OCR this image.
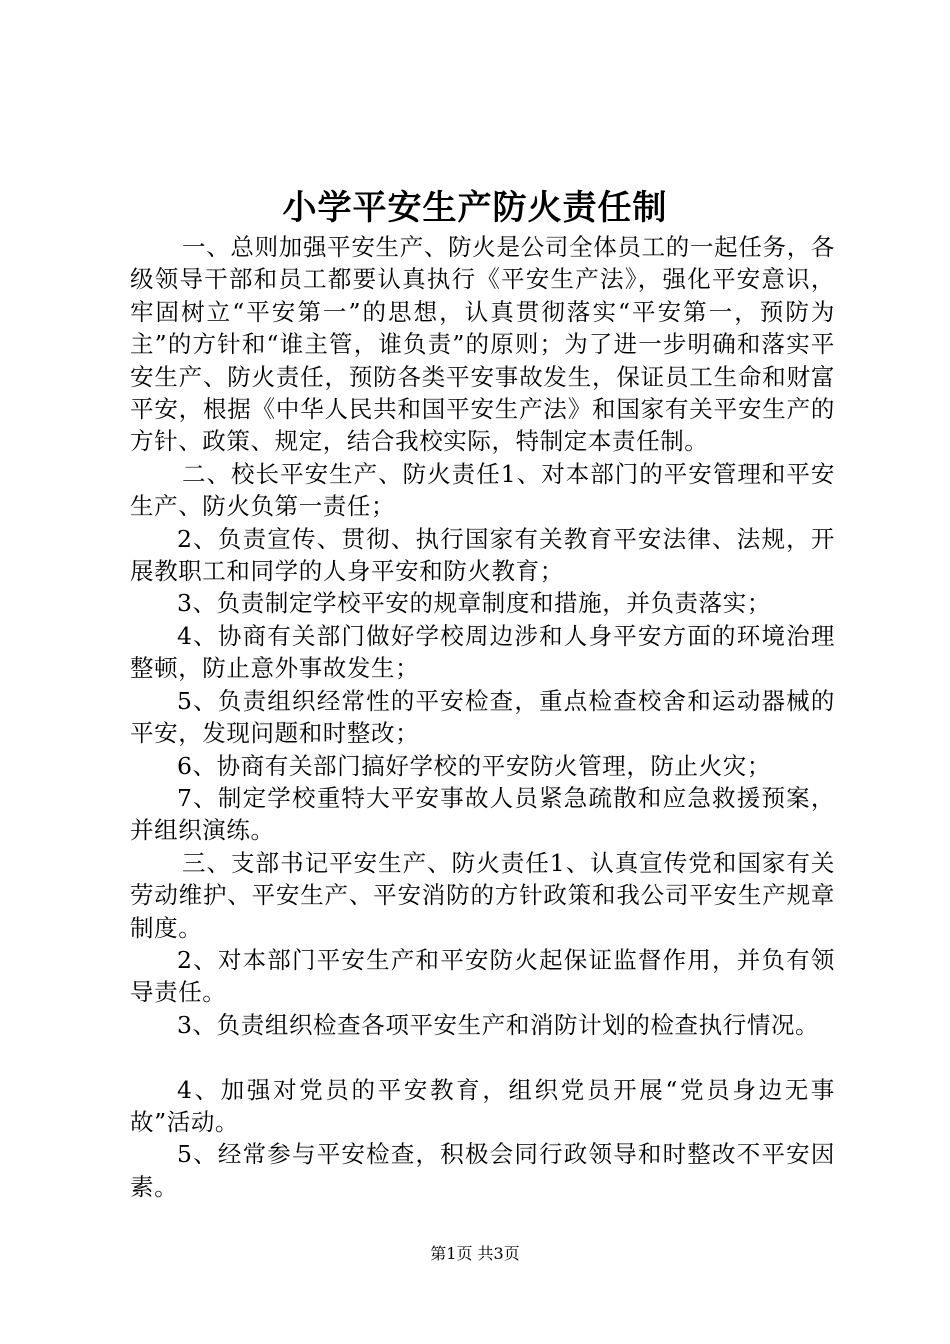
小学平安生产防火责任制

一、总则加强平安生产、防火是公司全体员工的一起任务，各级领导干部和员工都要认真执行《平安生产法》，强化平安意识，牢固树立“平安第一”的思想，认真贯彻落实“平安第一，预防为主”的方针和“谁主管，谁负责”的原则；为了进一步明确和落实平安生产、防火责任，预防各类平安事故发生，保证员工生命和财富平安，根据《中华人民共和国平安生产法》和国家有关平安生产的方针、政策、规定，结合我校实际，特制定本责任制。

二、校长平安生产、防火责任1、对本部门的平安管理和平安生产、防火负第一责任；

2、负责宣传、贯彻、执行国家有关教育平安法律、法规，开展教职工和同学的人身平安和防火教育；

3、负责制定学校平安的规章制度和措施，并负责落实；

4、协商有关部门做好学校周边涉和人身平安方面的环境治理整顿，防止意外事故发生；

5、负责组织经常性的平安检查，重点检查校舍和运动器械的平安，发现问题和时整改；

6、协商有关部门搞好学校的平安防火管理，防止火灾；

7、制定学校重特大平安事故人员紧急疏散和应急救援预案，并组织演练。

三、支部书记平安生产、防火责任1、认真宣传党和国家有关劳动维护、平安生产、平安消防的方针政策和我公司平安生产规章制度。

2、对本部门平安生产和平安防火起保证监督作用，并负有领导责任。

3、负责组织检查各项平安生产和消防计划的检查执行情况。

4、加强对党员的平安教育，组织党员开展“党员身边无事故”活动。

5、经常参与平安检查，积极会同行政领导和时整改不平安因素。

第1页 共3页
